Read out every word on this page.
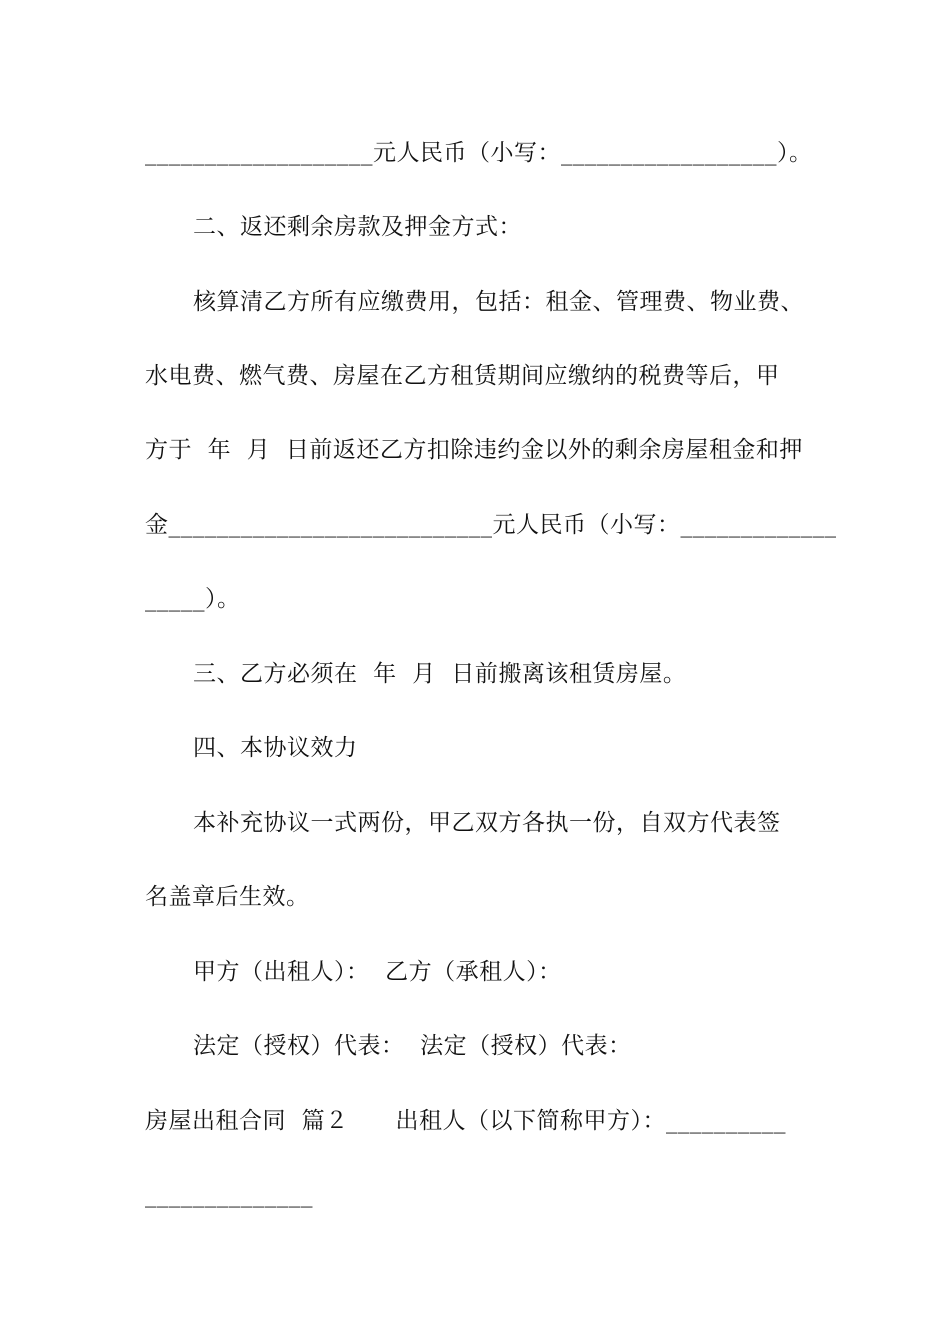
___________________元人民币（小写：__________________）。
二、返还剩余房款及押金方式：
核算清乙方所有应缴费用，包括：租金、管理费、物业费、
水电费、燃气费、房屋在乙方租赁期间应缴纳的税费等后，甲
方于  年  月  日前返还乙方扣除违约金以外的剩余房屋租金和押
金___________________________元人民币（小写：_____________
_____）。
三、乙方必须在  年  月  日前搬离该租赁房屋。
四、本协议效力
本补充协议一式两份，甲乙双方各执一份，自双方代表签
名盖章后生效。
甲方（出租人）：  乙方（承租人）：
法定（授权）代表：  法定（授权）代表：
房屋出租合同  篇２      出租人（以下简称甲方）：__________
______________
